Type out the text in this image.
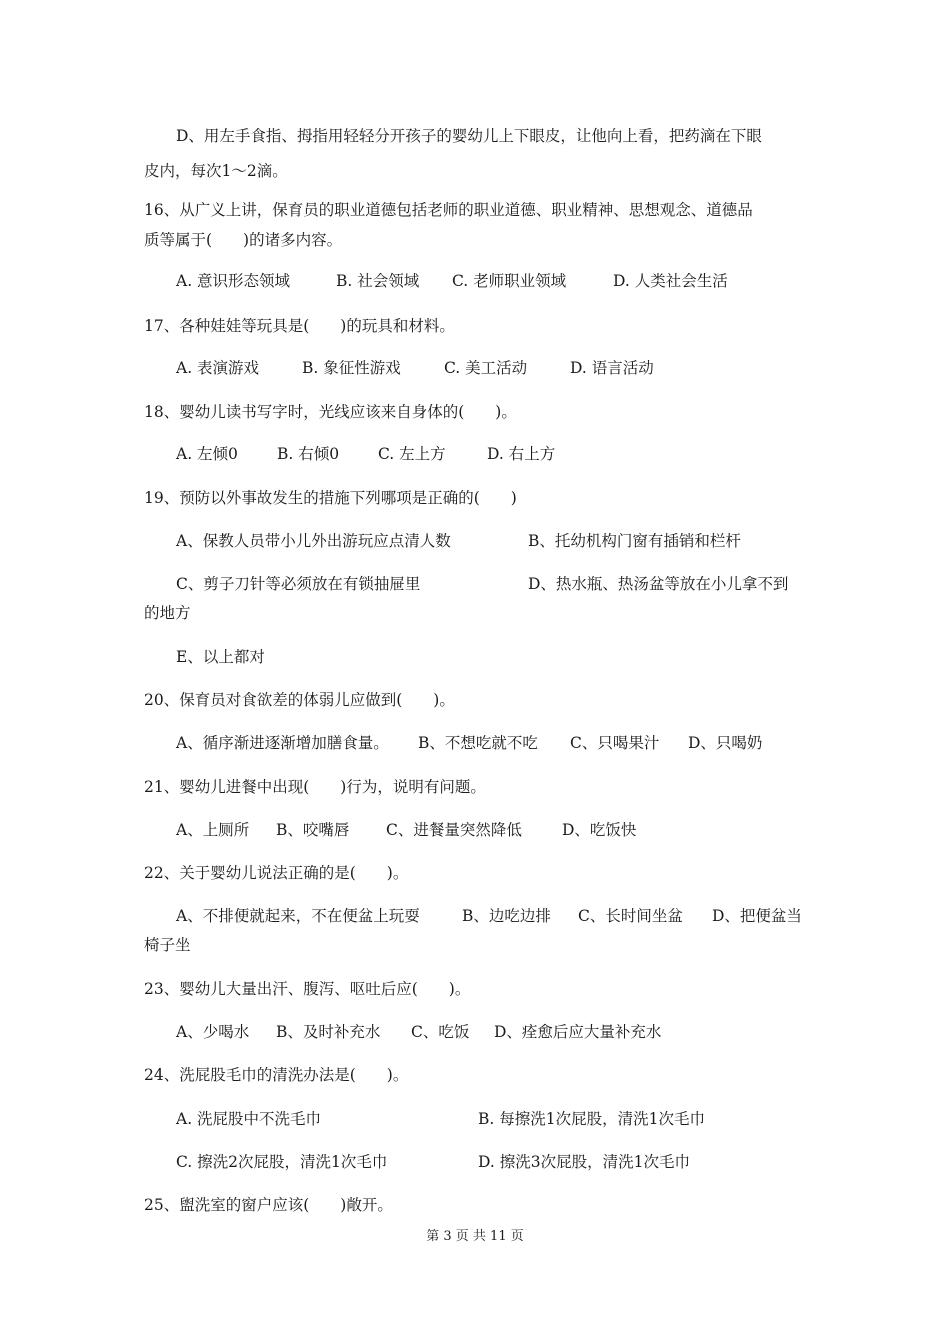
D、用左手食指、拇指用轻轻分开孩子的婴幼儿上下眼皮，让他向上看，把药滴在下眼
皮内，每次1～2滴。
16、从广义上讲，保育员的职业道德包括老师的职业道德、职业精神、思想观念、道德品
质等属于(　　)的诸多内容。
A. 意识形态领域	B. 社会领域 C. 老师职业领域	D. 人类社会生活
17、各种娃娃等玩具是(　　)的玩具和材料。
A. 表演游戏	B. 象征性游戏	C. 美工活动	D. 语言活动
18、婴幼儿读书写字时，光线应该来自身体的(　　)。
A. 左倾0	B. 右倾0	C. 左上方	D. 右上方
19、预防以外事故发生的措施下列哪项是正确的(　　)
A、保教人员带小儿外出游玩应点清人数	B、托幼机构门窗有插销和栏杆
C、剪子刀针等必须放在有锁抽屉里	D、热水瓶、热汤盆等放在小儿拿不到
的地方
E、以上都对
20、保育员对食欲差的体弱儿应做到(　　)。
A、循序渐进逐渐增加膳食量。 B、不想吃就不吃 C、只喝果汁 D、只喝奶
21、婴幼儿进餐中出现(　　)行为，说明有问题。
A、上厕所 B、咬嘴唇 C、进餐量突然降低	D、吃饭快
22、关于婴幼儿说法正确的是(　　)。
A、不排便就起来，不在便盆上玩耍	B、边吃边排 C、长时间坐盆 D、把便盆当
椅子坐
23、婴幼儿大量出汗、腹泻、呕吐后应(　　)。
A、少喝水 B、及时补充水 C、吃饭 D、痊愈后应大量补充水
24、洗屁股毛巾的清洗办法是(　　)。
A. 洗屁股中不洗毛巾	B. 每擦洗1次屁股，清洗1次毛巾
C. 擦洗2次屁股，清洗1次毛巾	D. 擦洗3次屁股，清洗1次毛巾
25、盥洗室的窗户应该(　　)敞开。
第 3 页 共 11 页
